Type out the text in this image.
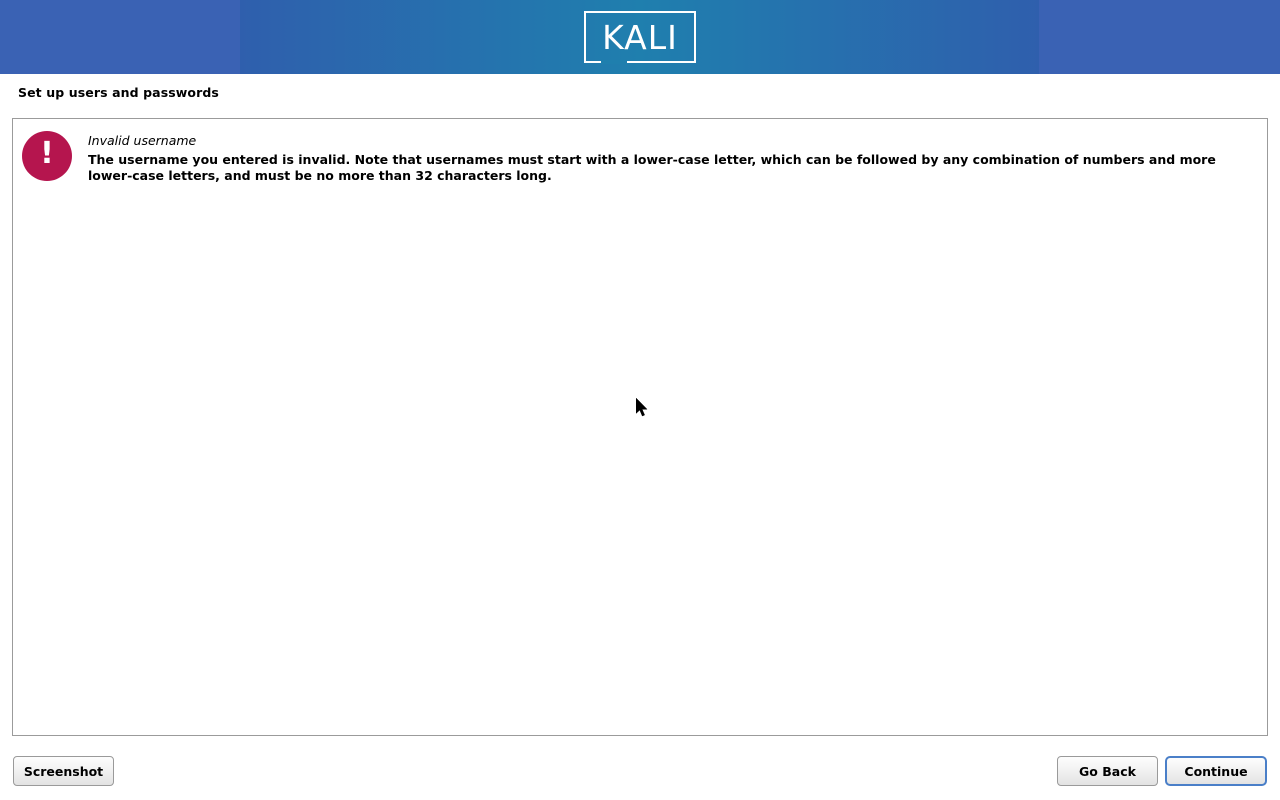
KALI
Set up users and passwords
!	Invalid username
The username you entered is invalid. Note that usernames must start with a lower-case letter, which can be followed by any combination of numbers and more lower-case letters, and must be no more than 32 characters long.
Screenshot	Go Back	Continue
